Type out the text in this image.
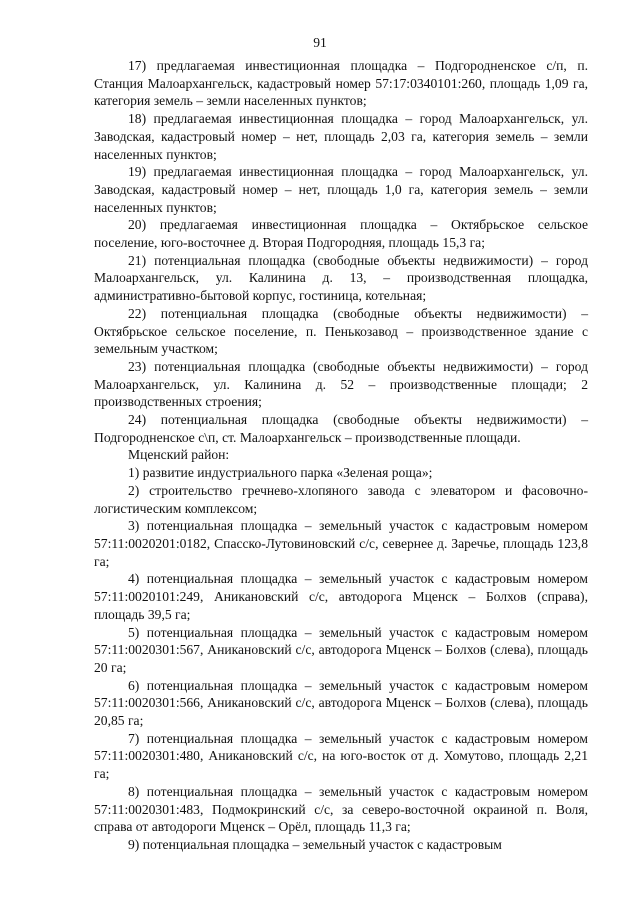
91

17) предлагаемая инвестиционная площадка – Подгородненское с/п, п. Станция Малоархангельск, кадастровый номер 57:17:0340101:260, площадь 1,09 га, категория земель – земли населенных пунктов;

18) предлагаемая инвестиционная площадка – город Малоархангельск, ул. Заводская, кадастровый номер – нет, площадь 2,03 га, категория земель – земли населенных пунктов;

19) предлагаемая инвестиционная площадка – город Малоархангельск, ул. Заводская, кадастровый номер – нет, площадь 1,0 га, категория земель – земли населенных пунктов;

20) предлагаемая инвестиционная площадка – Октябрьское сельское поселение, юго-восточнее д. Вторая Подгородняя, площадь 15,3 га;

21) потенциальная площадка (свободные объекты недвижимости) – город Малоархангельск, ул. Калинина д. 13, – производственная площадка, административно-бытовой корпус, гостиница, котельная;

22) потенциальная площадка (свободные объекты недвижимости) – Октябрьское сельское поселение, п. Пенькозавод – производственное здание с земельным участком;

23) потенциальная площадка (свободные объекты недвижимости) – город Малоархангельск, ул. Калинина д. 52 – производственные площади; 2 производственных строения;

24) потенциальная площадка (свободные объекты недвижимости) – Подгородненское с\п, ст. Малоархангельск – производственные площади.

Мценский район:

1) развитие индустриального парка «Зеленая роща»;

2) строительство гречнево-хлопяного завода с элеватором и фасовочно-логистическим комплексом;

3) потенциальная площадка – земельный участок с кадастровым номером 57:11:0020201:0182, Спасско-Лутовиновский с/с, севернее д. Заречье, площадь 123,8 га;

4) потенциальная площадка – земельный участок с кадастровым номером 57:11:0020101:249, Аникановский с/с, автодорога Мценск – Болхов (справа), площадь 39,5 га;

5) потенциальная площадка – земельный участок с кадастровым номером 57:11:0020301:567, Аникановский с/с, автодорога Мценск – Болхов (слева), площадь 20 га;

6) потенциальная площадка – земельный участок с кадастровым номером 57:11:0020301:566, Аникановский с/с, автодорога Мценск – Болхов (слева), площадь 20,85 га;

7) потенциальная площадка – земельный участок с кадастровым номером 57:11:0020301:480, Аникановский с/с, на юго-восток от д. Хомутово, площадь 2,21 га;

8) потенциальная площадка – земельный участок с кадастровым номером 57:11:0020301:483, Подмокринский с/с, за северо-восточной окраиной п. Воля, справа от автодороги Мценск – Орёл, площадь 11,3 га;

9) потенциальная площадка – земельный участок с кадастровым
